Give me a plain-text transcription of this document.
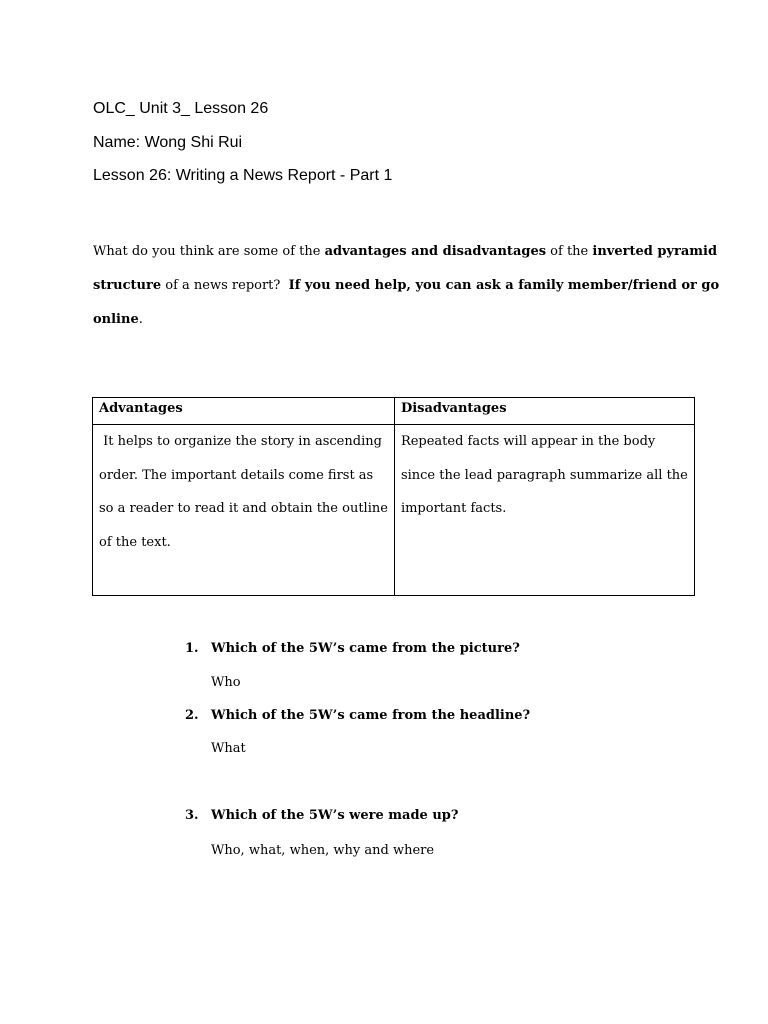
OLC_ Unit 3_ Lesson 26
Name: Wong Shi Rui
Lesson 26: Writing a News Report - Part 1
What do you think are some of the advantages and disadvantages of the inverted pyramid
structure of a news report?  If you need help, you can ask a family member/friend or go
online.
Advantages	Disadvantages

It helps to organize the story in ascending
order. The important details come first as
so a reader to read it and obtain the outline
of the text.	Repeated facts will appear in the body
since the lead paragraph summarize all the
important facts.
1. Which of the 5W’s came from the picture?
Who
2. Which of the 5W’s came from the headline?
What
3. Which of the 5W’s were made up?
Who, what, when, why and where
